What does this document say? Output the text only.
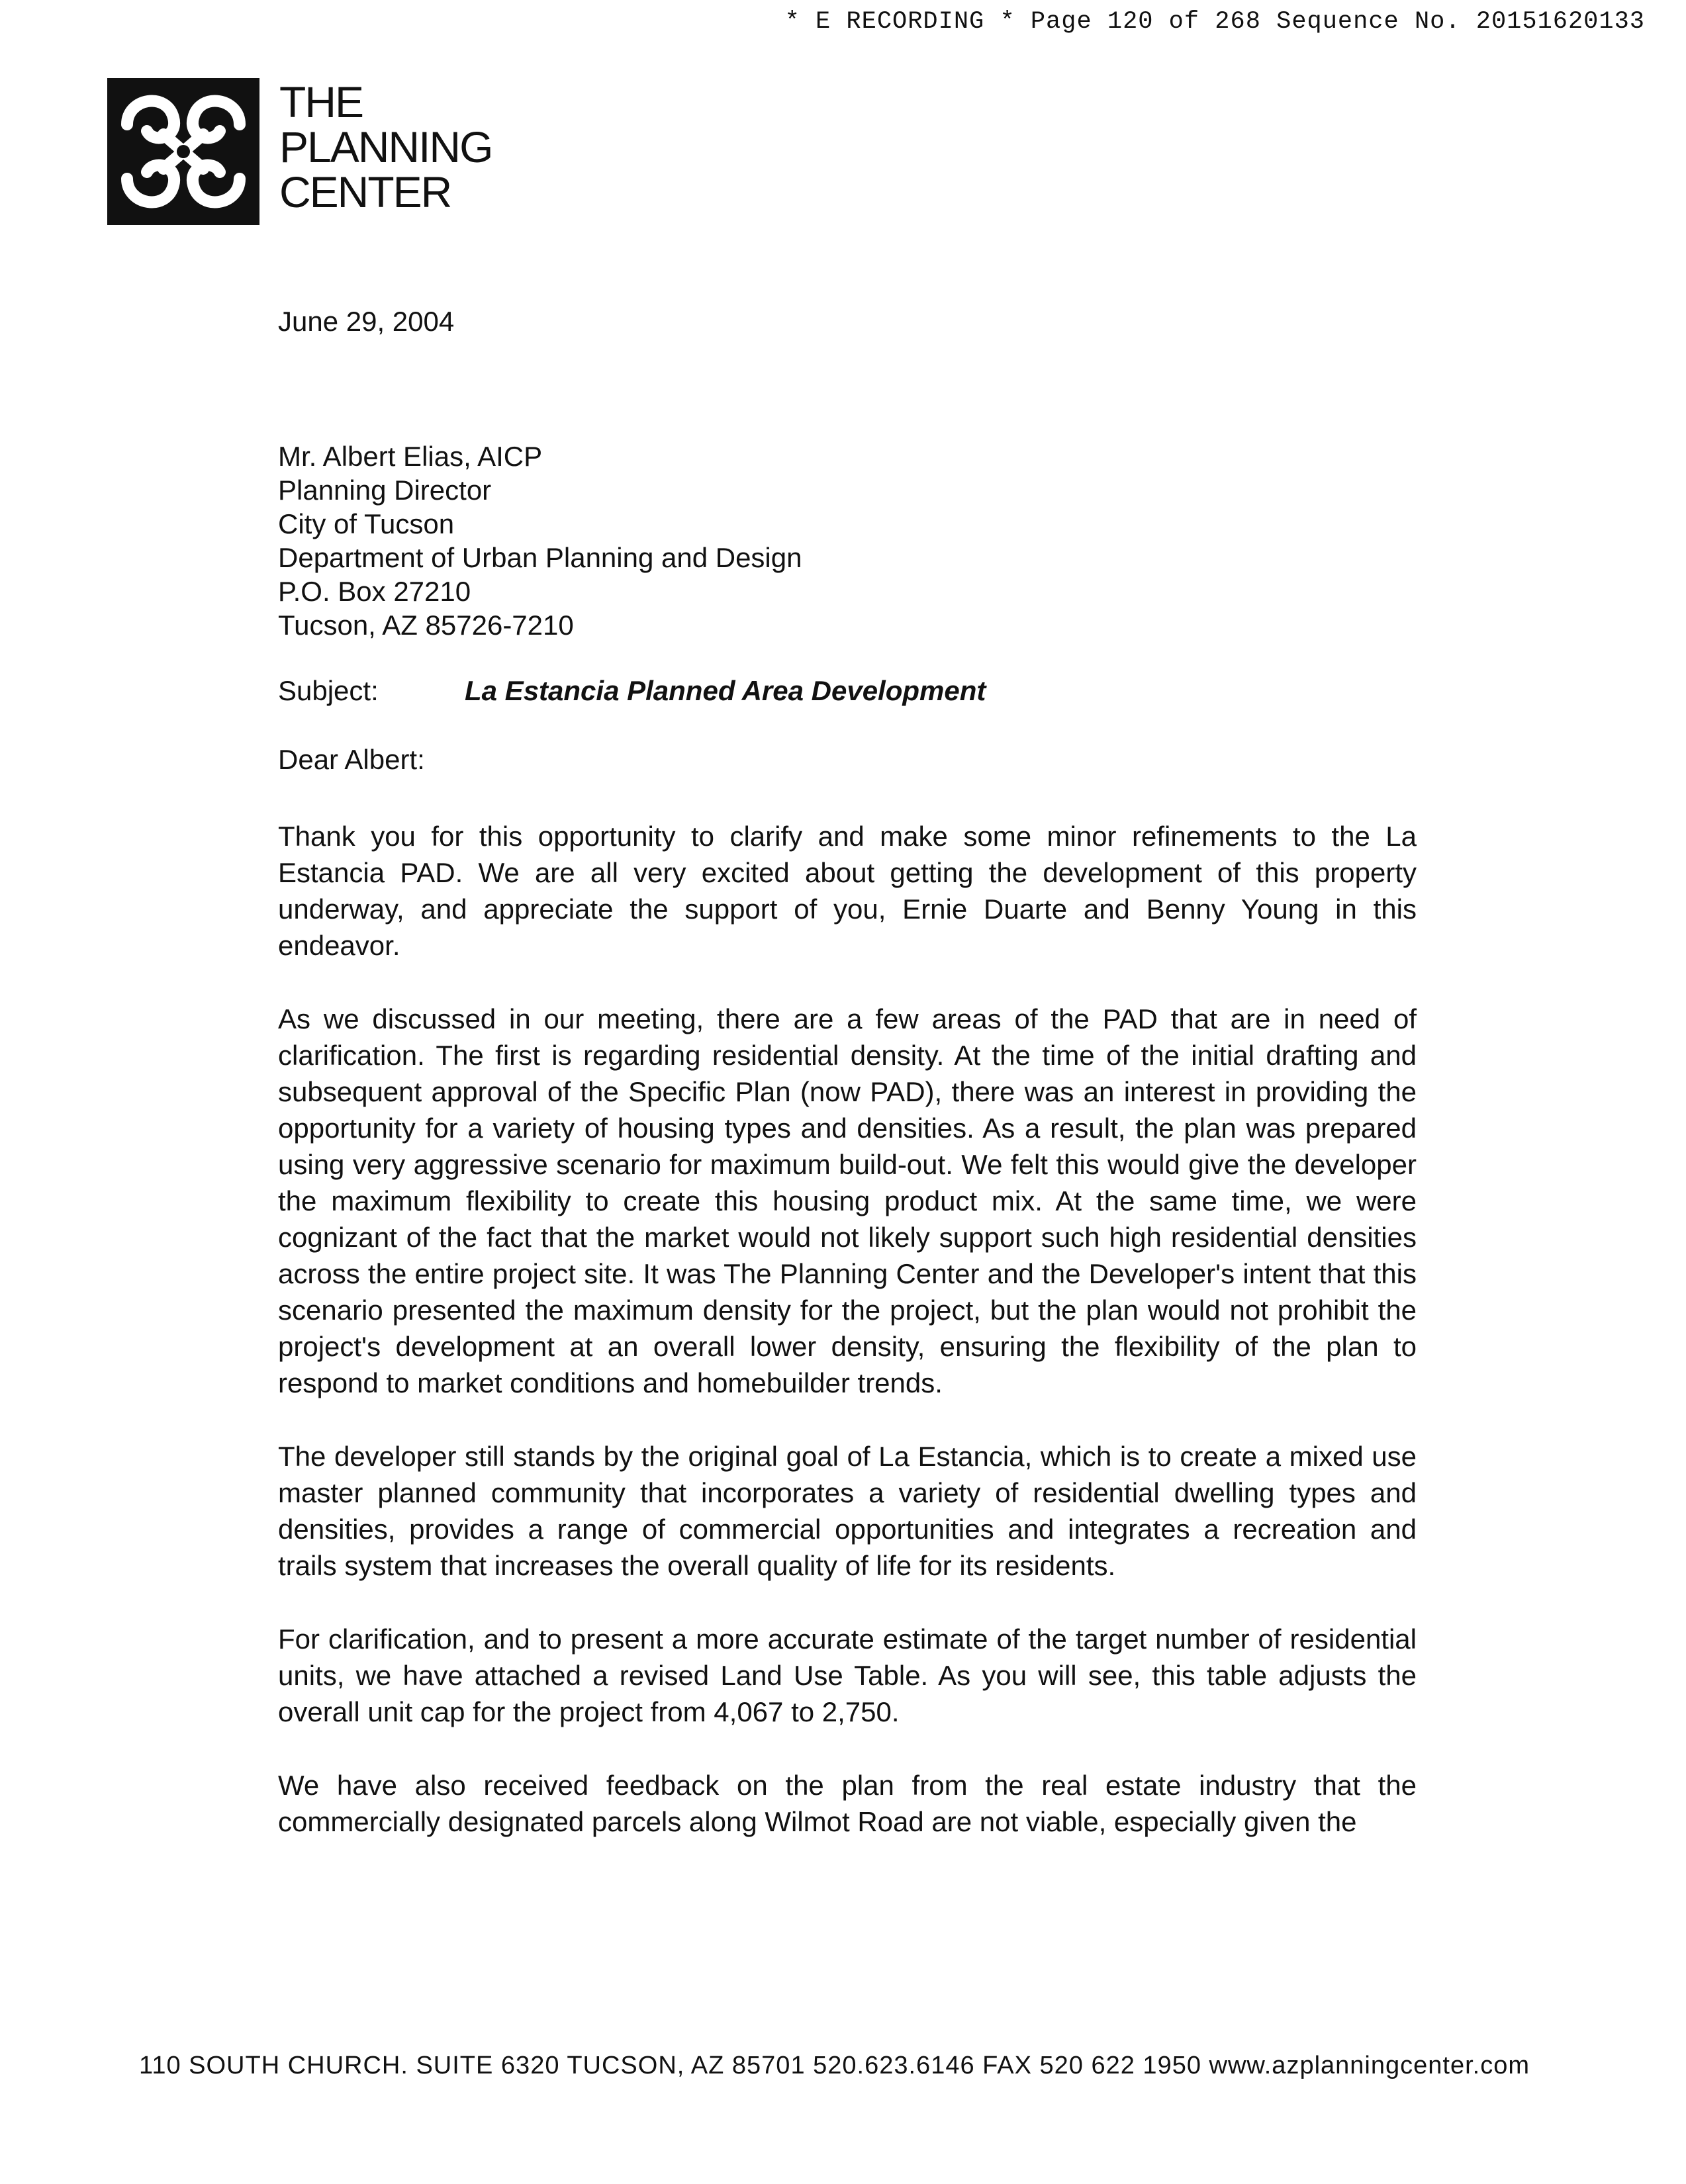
* E RECORDING * Page 120 of 268 Sequence No. 20151620133
THE
PLANNING
CENTER
June 29, 2004
Mr. Albert Elias, AICP
Planning Director
City of Tucson
Department of Urban Planning and Design
P.O. Box 27210
Tucson, AZ 85726-7210
Subject:	La Estancia Planned Area Development
Dear Albert:

Thank you for this opportunity to clarify and make some minor refinements to the La Estancia PAD. We are all very excited about getting the development of this property underway, and appreciate the support of you, Ernie Duarte and Benny Young in this endeavor.

As we discussed in our meeting, there are a few areas of the PAD that are in need of clarification. The first is regarding residential density. At the time of the initial drafting and subsequent approval of the Specific Plan (now PAD), there was an interest in providing the opportunity for a variety of housing types and densities. As a result, the plan was prepared using very aggressive scenario for maximum build-out. We felt this would give the developer the maximum flexibility to create this housing product mix. At the same time, we were cognizant of the fact that the market would not likely support such high residential densities across the entire project site. It was The Planning Center and the Developer's intent that this scenario presented the maximum density for the project, but the plan would not prohibit the project's development at an overall lower density, ensuring the flexibility of the plan to respond to market conditions and homebuilder trends.

The developer still stands by the original goal of La Estancia, which is to create a mixed use master planned community that incorporates a variety of residential dwelling types and densities, provides a range of commercial opportunities and integrates a recreation and trails system that increases the overall quality of life for its residents.

For clarification, and to present a more accurate estimate of the target number of residential units, we have attached a revised Land Use Table. As you will see, this table adjusts the overall unit cap for the project from 4,067 to 2,750.

We have also received feedback on the plan from the real estate industry that the commercially designated parcels along Wilmot Road are not viable, especially given the

110 SOUTH CHURCH. SUITE 6320 TUCSON, AZ 85701 520.623.6146 FAX 520 622 1950 www.azplanningcenter.com
